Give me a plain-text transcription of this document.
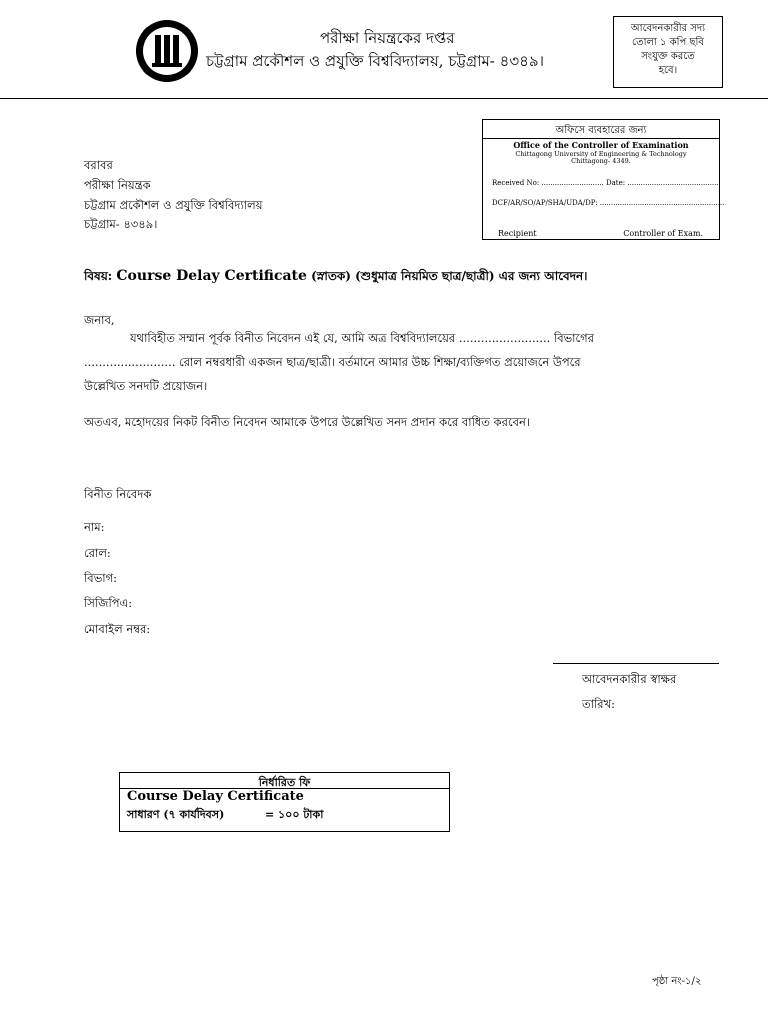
পরীক্ষা নিয়ন্ত্রকের দপ্তর
চট্টগ্রাম প্রকৌশল ও প্রযুক্তি বিশ্ববিদ্যালয়, চট্টগ্রাম- ৪৩৪৯।
আবেদনকারীর সদ্য
তোলা ১ কপি ছবি
সংযুক্ত করতে
হবে।
অফিসে ব্যবহারের জন্য
Office of the Controller of Examination
Chittagong University of Engineering & Technology
Chittagong- 4349.
Received No: ............................ Date: ..........................................
DCF/AR/SO/AP/SHA/UDA/DP: ........................................................
Recipient	Controller of Exam.
বরাবর
পরীক্ষা নিয়ন্ত্রক
চট্টগ্রাম প্রকৌশল ও প্রযুক্তি বিশ্ববিদ্যালয়
চট্টগ্রাম- ৪৩৪৯।
বিষয়: Course Delay Certificate (স্নাতক) (শুধুমাত্র নিয়মিত ছাত্র/ছাত্রী) এর জন্য আবেদন।
জনাব,
যথাবিহীত সম্মান পূর্বক বিনীত নিবেদন এই যে, আমি অত্র বিশ্ববিদ্যালয়ের ......................... বিভাগের
......................... রোল নম্বরধারী একজন ছাত্র/ছাত্রী। বর্তমানে আমার উচ্চ শিক্ষা/ব্যক্তিগত প্রয়োজনে উপরে
উল্লেখিত সনদটি প্রয়োজন।
অতএব, মহোদয়ের নিকট বিনীত নিবেদন আমাকে উপরে উল্লেখিত সনদ প্রদান করে বাধিত করবেন।
বিনীত নিবেদক
নাম:
রোল:
বিভাগ:
সিজিপিএ:
মোবাইল নম্বর:
আবেদনকারীর স্বাক্ষর
তারিখ:
নির্ধারিত ফি
Course Delay Certificate
সাধারণ (৭ কার্যদিবস)	= ১০০ টাকা
পৃষ্ঠা নং-১/২
